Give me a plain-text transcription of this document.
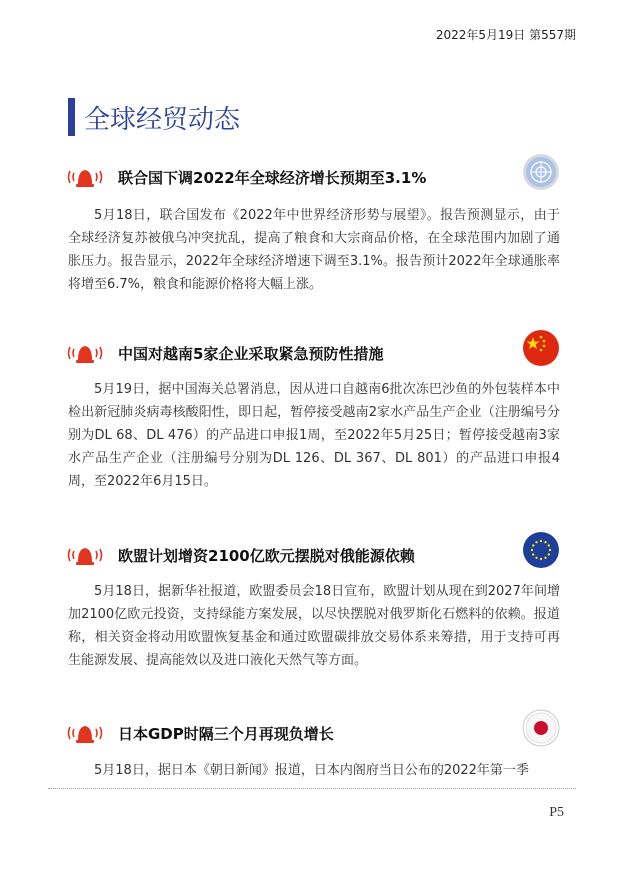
2022年5月19日 第557期
全球经贸动态
联合国下调2022年全球经济增长预期至3.1%

5月18日，联合国发布《2022年中世界经济形势与展望》。报告预测显示，由于全球经济复苏被俄乌冲突扰乱，提高了粮食和大宗商品价格，在全球范围内加剧了通胀压力。报告显示，2022年全球经济增速下调至3.1%。报告预计2022年全球通胀率将增至6.7%，粮食和能源价格将大幅上涨。

中国对越南5家企业采取紧急预防性措施

5月19日，据中国海关总署消息，因从进口自越南6批次冻巴沙鱼的外包装样本中检出新冠肺炎病毒核酸阳性，即日起，暂停接受越南2家水产品生产企业（注册编号分别为DL 68、DL 476）的产品进口申报1周，至2022年5月25日；暂停接受越南3家水产品生产企业（注册编号分别为DL 126、DL 367、DL 801）的产品进口申报4周，至2022年6月15日。

欧盟计划增资2100亿欧元摆脱对俄能源依赖

5月18日，据新华社报道，欧盟委员会18日宣布，欧盟计划从现在到2027年间增加2100亿欧元投资，支持绿能方案发展，以尽快摆脱对俄罗斯化石燃料的依赖。报道称，相关资金将动用欧盟恢复基金和通过欧盟碳排放交易体系来筹措，用于支持可再生能源发展、提高能效以及进口液化天然气等方面。

日本GDP时隔三个月再现负增长

5月18日，据日本《朝日新闻》报道，日本内阁府当日公布的2022年第一季

P5
